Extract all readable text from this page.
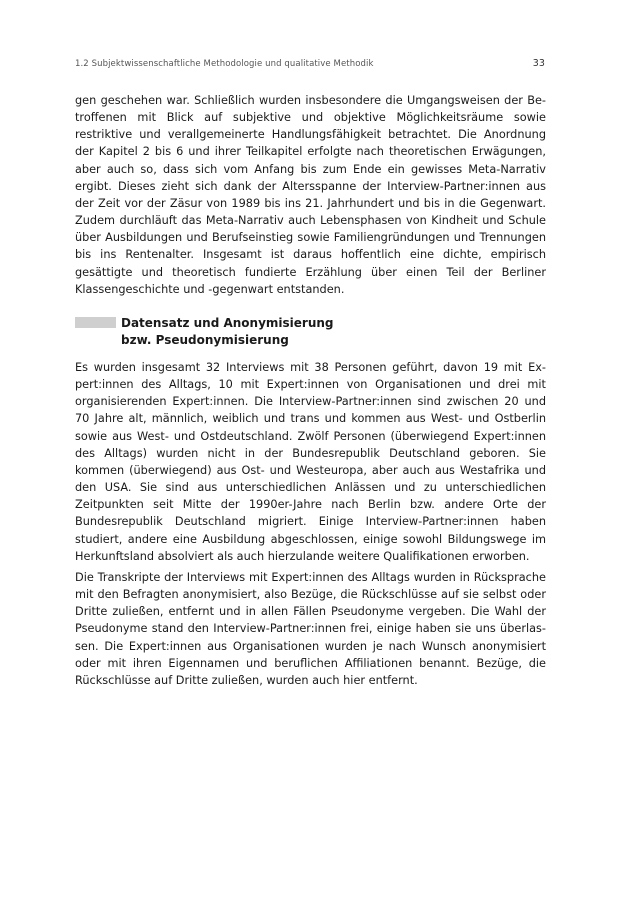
1.2 Subjektwissenschaftliche Methodologie und qualitative Methodik	33

gen geschehen war. Schließlich wurden insbesondere die Umgangsweisen der Betroffenen mit Blick auf subjektive und objektive Möglichkeitsräume sowie restriktive und verallgemeinerte Handlungsfähigkeit betrachtet. Die Anordnung der Kapitel 2 bis 6 und ihrer Teilkapitel erfolgte nach theoretischen Erwägungen, aber auch so, dass sich vom Anfang bis zum Ende ein gewisses Meta-Narrativ ergibt. Dieses zieht sich dank der Altersspanne der Interview-Partner:innen aus der Zeit vor der Zäsur von 1989 bis ins 21. Jahrhundert und bis in die Gegenwart. Zudem durchläuft das Meta-Narrativ auch Lebensphasen von Kindheit und Schule über Ausbildungen und Berufseinstieg sowie Familiengründungen und Trennungen bis ins Rentenalter. Insgesamt ist daraus hoffentlich eine dichte, empirisch gesättigte und theoretisch fundierte Erzählung über einen Teil der Berliner Klassengeschichte und -gegenwart entstanden.

Datensatz und Anonymisierung
bzw. Pseudonymisierung

Es wurden insgesamt 32 Interviews mit 38 Personen geführt, davon 19 mit Expert:innen des Alltags, 10 mit Expert:innen von Organisationen und drei mit organisierenden Expert:innen. Die Interview-Partner:innen sind zwischen 20 und 70 Jahre alt, männlich, weiblich und trans und kommen aus West- und Ostberlin sowie aus West- und Ostdeutschland. Zwölf Personen (überwiegend Expert:innen des Alltags) wurden nicht in der Bundesrepublik Deutschland geboren. Sie kommen (überwiegend) aus Ost- und Westeuropa, aber auch aus Westafrika und den USA. Sie sind aus unterschiedlichen Anlässen und zu unterschiedlichen Zeitpunkten seit Mitte der 1990er-Jahre nach Berlin bzw. andere Orte der Bundesrepublik Deutschland migriert. Einige Interview-Partner:innen haben studiert, andere eine Ausbildung abgeschlossen, einige sowohl Bildungswege im Herkunftsland absolviert als auch hierzulande weitere Qualifikationen erworben.

Die Transkripte der Interviews mit Expert:innen des Alltags wurden in Rücksprache mit den Befragten anonymisiert, also Bezüge, die Rückschlüsse auf sie selbst oder Dritte zuließen, entfernt und in allen Fällen Pseudonyme vergeben. Die Wahl der Pseudonyme stand den Interview-Partner:innen frei, einige haben sie uns überlassen. Die Expert:innen aus Organisationen wurden je nach Wunsch anonymisiert oder mit ihren Eigennamen und beruflichen Affiliationen benannt. Bezüge, die Rückschlüsse auf Dritte zuließen, wurden auch hier entfernt.
